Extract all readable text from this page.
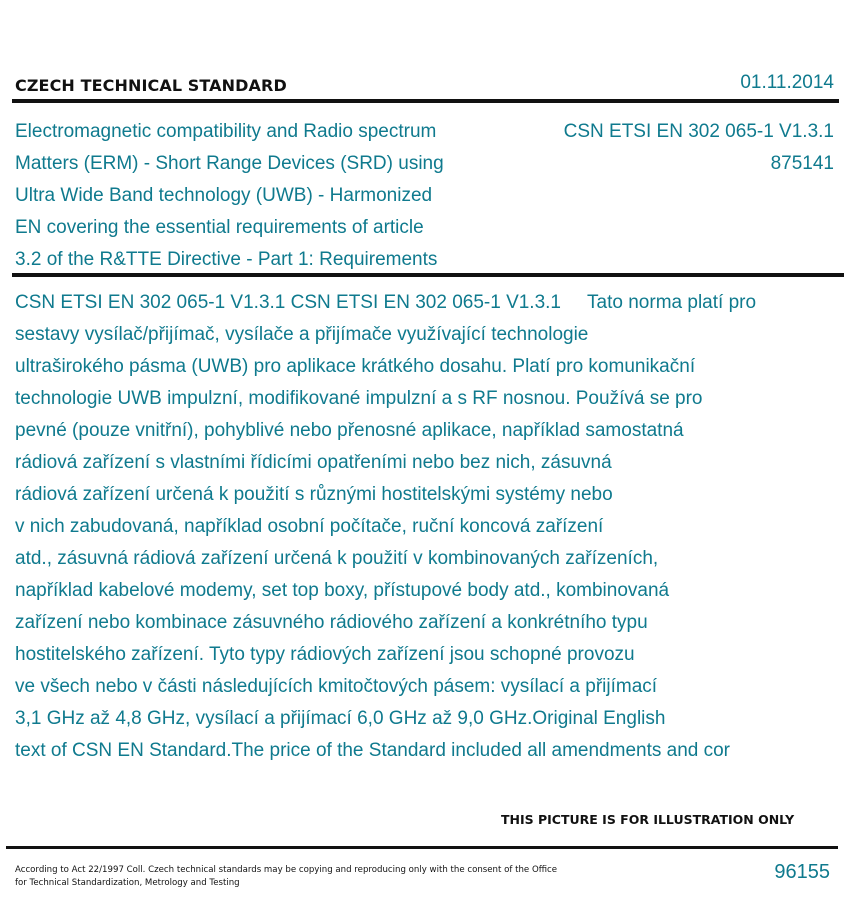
CZECH TECHNICAL STANDARD	01.11.2014
Electromagnetic compatibility and Radio spectrum
Matters (ERM) - Short Range Devices (SRD) using
Ultra Wide Band technology (UWB) - Harmonized
EN covering the essential requirements of article
3.2 of the R&TTE Directive - Part 1: Requirements
CSN ETSI EN 302 065-1 V1.3.1
875141
CSN ETSI EN 302 065-1 V1.3.1 CSN ETSI EN 302 065-1 V1.3.1     Tato norma platí pro
sestavy vysílač/přijímač, vysílače a přijímače využívající technologie
ultraširokého pásma (UWB) pro aplikace krátkého dosahu. Platí pro komunikační
technologie UWB impulzní, modifikované impulzní a s RF nosnou. Používá se pro
pevné (pouze vnitřní), pohyblivé nebo přenosné aplikace, například samostatná
rádiová zařízení s vlastními řídicími opatřeními nebo bez nich, zásuvná
rádiová zařízení určená k použití s různými hostitelskými systémy nebo
v nich zabudovaná, například osobní počítače, ruční koncová zařízení
atd., zásuvná rádiová zařízení určená k použití v kombinovaných zařízeních,
například kabelové modemy, set top boxy, přístupové body atd., kombinovaná
zařízení nebo kombinace zásuvného rádiového zařízení a konkrétního typu
hostitelského zařízení. Tyto typy rádiových zařízení jsou schopné provozu
ve všech nebo v části následujících kmitočtových pásem: vysílací a přijímací
3,1 GHz až 4,8 GHz, vysílací a přijímací 6,0 GHz až 9,0 GHz.Original English
text of CSN EN Standard.The price of the Standard included all amendments and cor
THIS PICTURE IS FOR ILLUSTRATION ONLY
According to Act 22/1997 Coll. Czech technical standards may be copying and reproducing only with the consent of the Office
for Technical Standardization, Metrology and Testing	96155
